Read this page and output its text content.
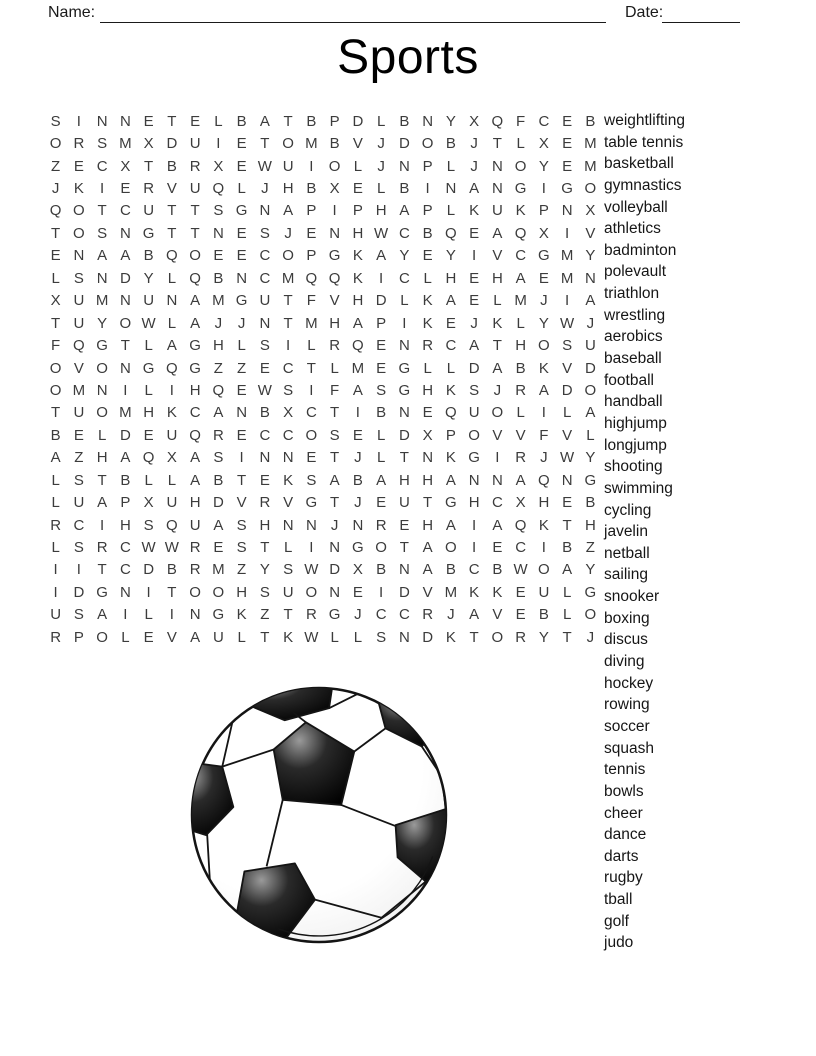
Name:	Date:
Sports
S	I	N N E T E L B A T B P D L B N Y X Q F C E B
O R S M X D U	I	E T O M B V J D O B J T L X E M
Z E C X T B R X E W U	I	O L	J N P L	J N O Y E M
J K	I	E R V U Q L	J H B X E L B	I	N A N G	I	G O
Q O T C U T T S G N A P	I	P H A P L K U K P N X
T O S N G T T N E S J E N H W C B Q E A Q X	I	V
E N A A B Q O E E C O P G K A Y E Y	I	V C G M Y
L S N D Y L Q B N C M Q Q K	I	C L H E H A E M N
X U M N U N A M G U T F V H D L K A E L M J	I	A
T U Y O W L A J	J N T M H A P	I	K E J K L Y W J
F Q G T L A G H L S	I	L R Q E N R C A T H O S U
O V O N G Q G Z Z E C T L M E G L L D A B K V D
O M N	I	L	I	H Q E W S	I	F A S G H K S J R A D O
T U O M H K C A N B X C T	I	B N E Q U O L	I	L A
B E L D E U Q R E C C O S E L D X P O V V F V L
A Z H A Q X A S	I	N N E T J	L T N K G	I	R J W Y
L S T B L L A B T E K S A B A H H A N N A Q N G
L U A P X U H D V R V G T J E U T G H C X H E B
R C	I	H S Q U A S H N N J N R E H A	I	A Q K T H
L S R C W W R E S T L	I	N G O T A O	I	E C	I	B Z
I	I	T C D B R M Z Y S W D X B N A B C B W O A Y
I	D G N	I	T O O H S U O N E	I	D V M K K E U L G
U S A	I	L	I	N G K Z T R G J C C R J A V E B L O
R P O L E V A U L T K W L L S N D K T O R Y T J
weightlifting
table tennis
basketball
gymnastics
volleyball
athletics
badminton
polevault
triathlon
wrestling
aerobics
baseball
football
handball
highjump
longjump
shooting
swimming
cycling
javelin
netball
sailing
snooker
boxing
discus
diving
hockey
rowing
soccer
squash
tennis
bowls
cheer
dance
darts
rugby
tball
golf
judo
